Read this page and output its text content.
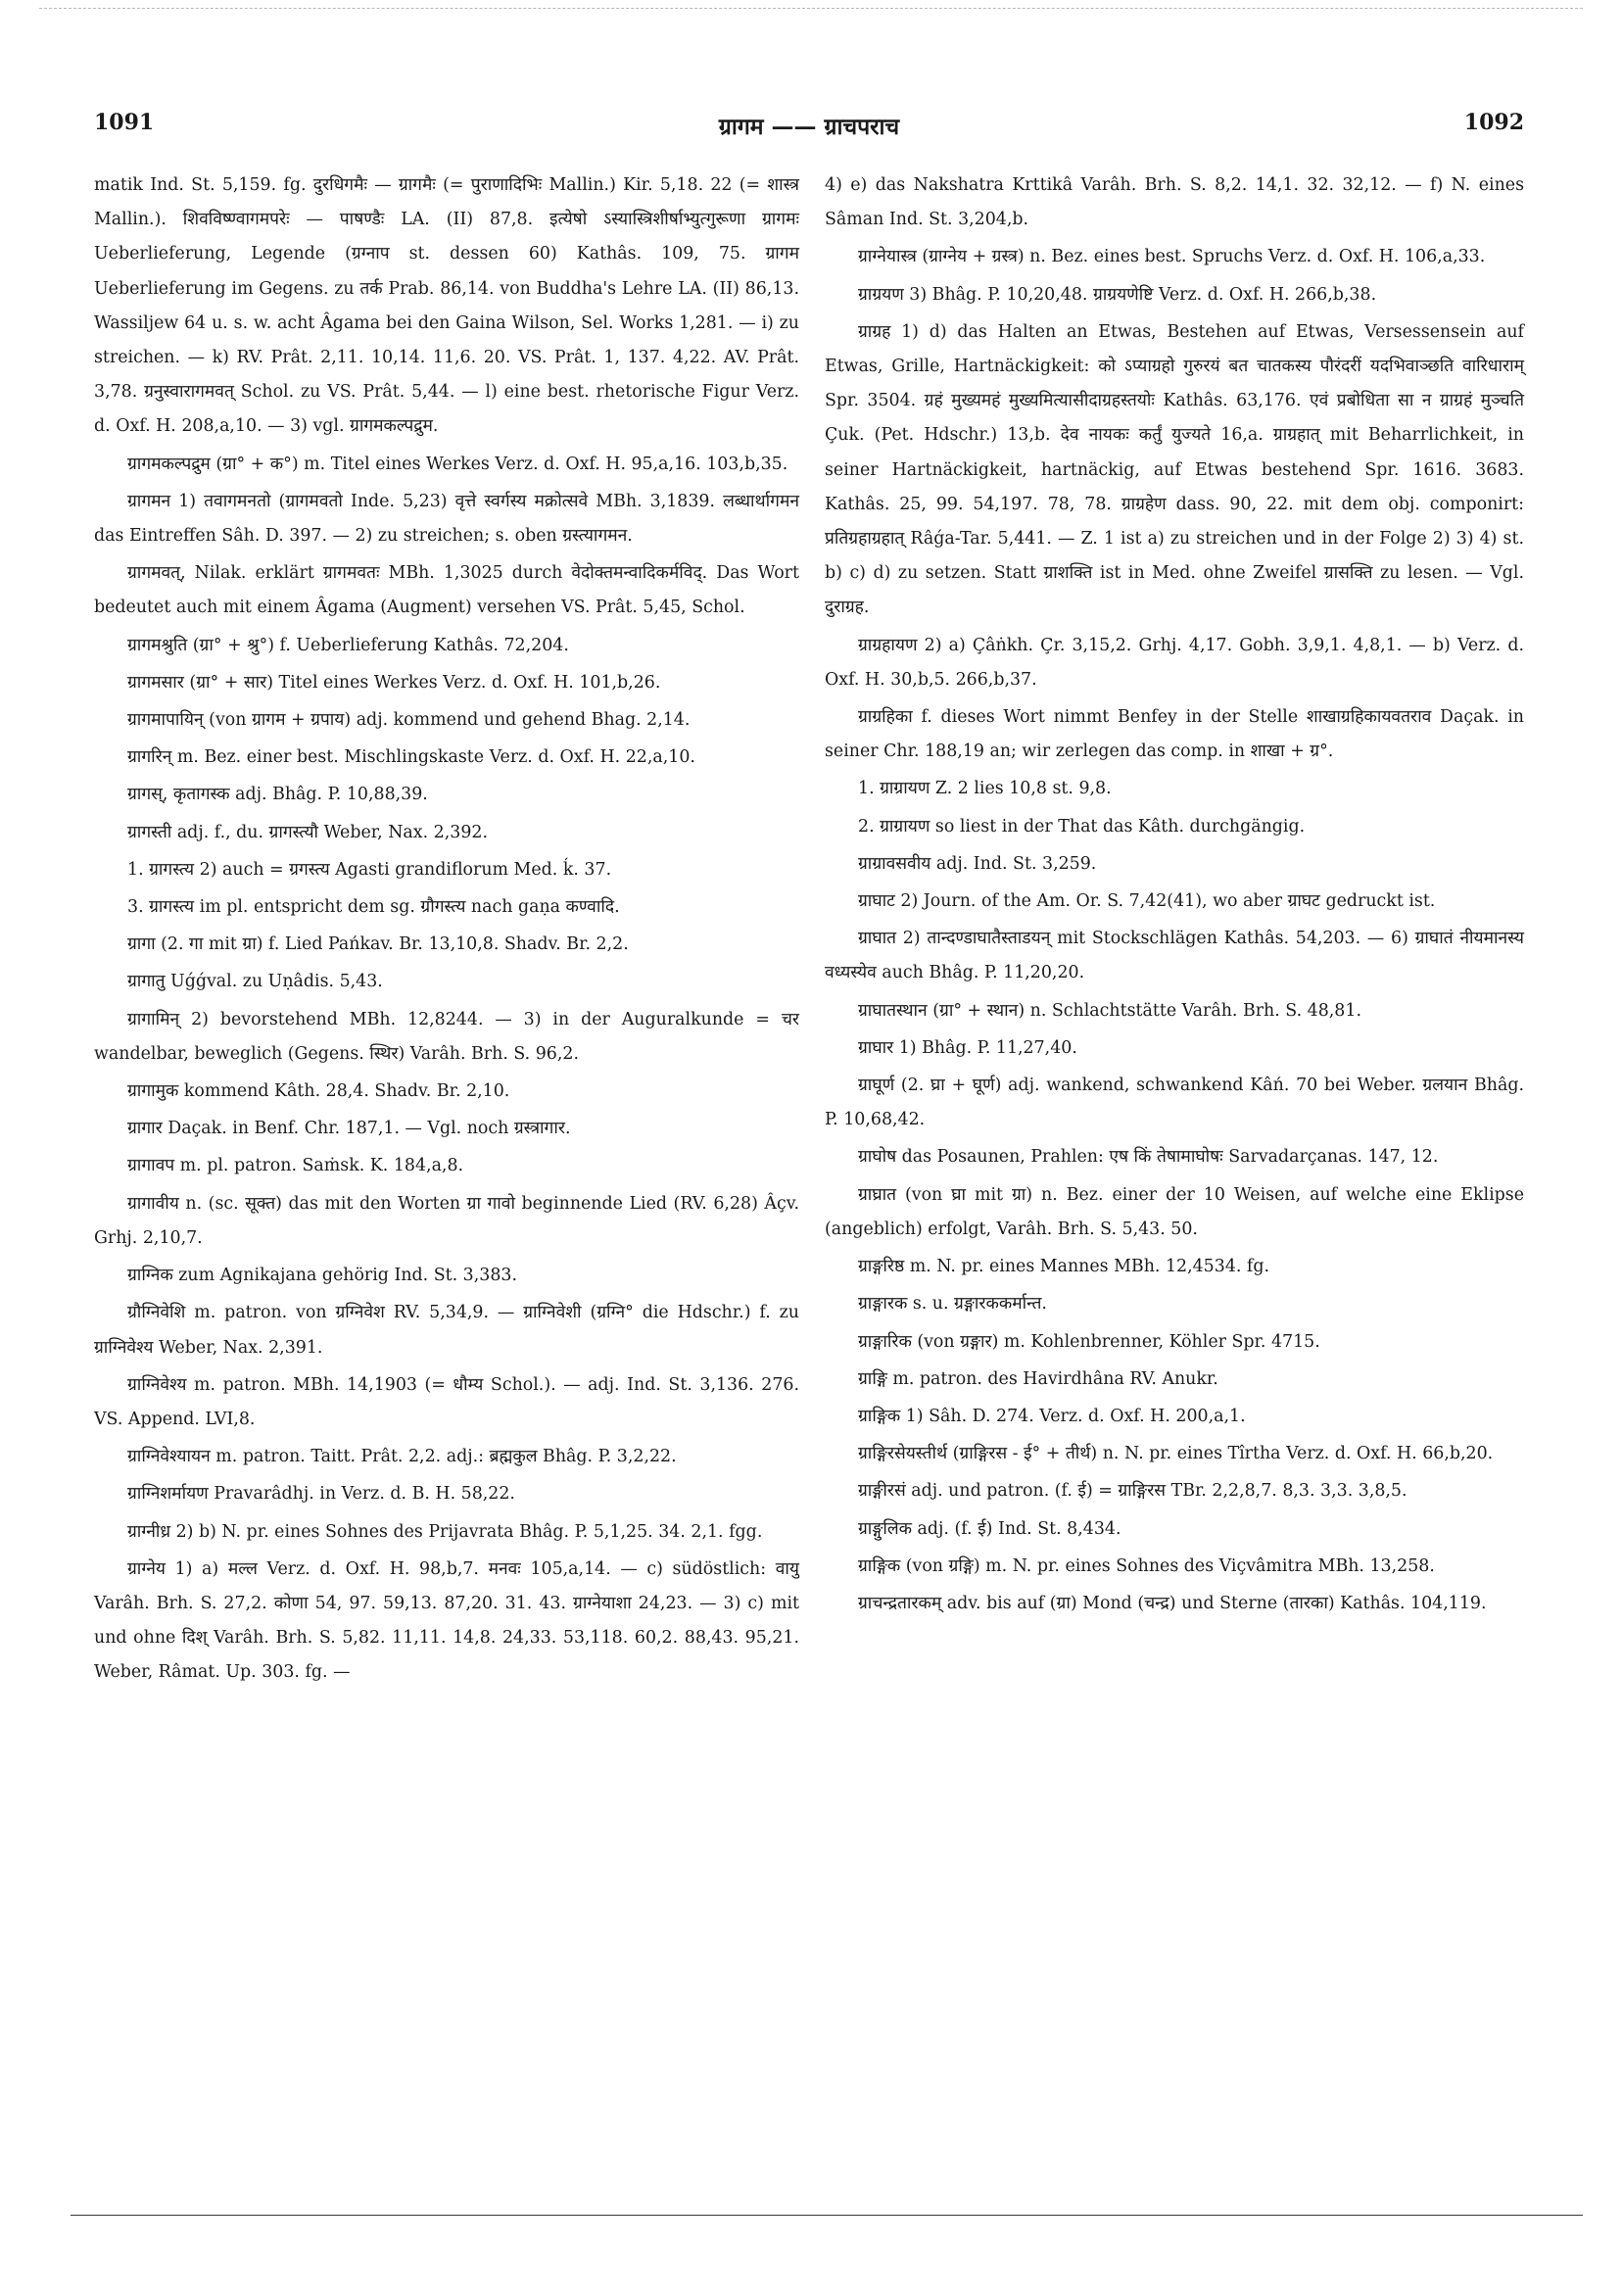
1091	ग्रागम —— ग्राचपराच	1092

matik Ind. St. 5,159. fg. दुरधिगमैः — ग्रागमैः (= पुराणादिभिः Mallin.) Kir. 5,18. 22 (= शास्त्र Mallin.). शिवविष्ण्वागमपरेः — पाषण्डैः LA. (II) 87,8. इत्येषो ऽस्यास्त्रिशीर्षाभ्युत्गुरूणा ग्रागमः Ueberlieferung, Legende (ग्रग्नाप st. dessen 60) Kathâs. 109, 75. ग्रागम Ueberlieferung im Gegens. zu तर्क Prab. 86,14. von Buddha's Lehre LA. (II) 86,13. Wassiljew 64 u. s. w. acht Âgama bei den Gaina Wilson, Sel. Works 1,281. — i) zu streichen. — k) RV. Prât. 2,11. 10,14. 11,6. 20. VS. Prât. 1, 137. 4,22. AV. Prât. 3,78. ग्रनुस्वारागमवत् Schol. zu VS. Prât. 5,44. — l) eine best. rhetorische Figur Verz. d. Oxf. H. 208,a,10. — 3) vgl. ग्रागमकल्पद्रुम.

ग्रागमकल्पद्रुम (ग्रा° + क°) m. Titel eines Werkes Verz. d. Oxf. H. 95,a,16. 103,b,35.

ग्रागमन 1) तवागमनतो (ग्रागमवतो Inde. 5,23) वृत्ते स्वर्गस्य मक्रोत्सवे MBh. 3,1839. लब्धार्थागमन das Eintreffen Sâh. D. 397. — 2) zu streichen; s. oben ग्रस्त्यागमन.

ग्रागमवत्, Nilak. erklärt ग्रागमवतः MBh. 1,3025 durch वेदोक्तमन्वादिकर्मविद्. Das Wort bedeutet auch mit einem Âgama (Augment) versehen VS. Prât. 5,45, Schol.

ग्रागमश्रुति (ग्रा° + श्रु°) f. Ueberlieferung Kathâs. 72,204.

ग्रागमसार (ग्रा° + सार) Titel eines Werkes Verz. d. Oxf. H. 101,b,26.

ग्रागमापायिन् (von ग्रागम + ग्रपाय) adj. kommend und gehend Bhag. 2,14.

ग्रागरिन् m. Bez. einer best. Mischlingskaste Verz. d. Oxf. H. 22,a,10.

ग्रागस्, कृतागस्क adj. Bhâg. P. 10,88,39.

ग्रागस्ती adj. f., du. ग्रागस्त्यौ Weber, Nax. 2,392.

1. ग्रागस्त्य 2) auch = ग्रगस्त्य Agasti grandiflorum Med. ḱ. 37.

3. ग्रागस्त्य im pl. entspricht dem sg. ग्रौगस्त्य nach gaṇa कण्वादि.

ग्रागा (2. गा mit ग्रा) f. Lied Pańkav. Br. 13,10,8. Shadv. Br. 2,2.

ग्रागातु Uǵǵval. zu Uṇâdis. 5,43.

ग्रागामिन् 2) bevorstehend MBh. 12,8244. — 3) in der Auguralkunde = चर wandelbar, beweglich (Gegens. स्थिर) Varâh. Brh. S. 96,2.

ग्रागामुक kommend Kâth. 28,4. Shadv. Br. 2,10.

ग्रागार Daçak. in Benf. Chr. 187,1. — Vgl. noch ग्रस्त्रागार.

ग्रागावप m. pl. patron. Saṁsk. K. 184,a,8.

ग्रागावीय n. (sc. सूक्त) das mit den Worten ग्रा गावो beginnende Lied (RV. 6,28) Âçv. Grhj. 2,10,7.

ग्राग्निक zum Agnikajana gehörig Ind. St. 3,383.

ग्रौग्निवेशि m. patron. von ग्रग्निवेश RV. 5,34,9. — ग्राग्निवेशी (ग्रग्नि° die Hdschr.) f. zu ग्राग्निवेश्य Weber, Nax. 2,391.

ग्राग्निवेश्य m. patron. MBh. 14,1903 (= धौम्य Schol.). — adj. Ind. St. 3,136. 276. VS. Append. LVI,8.

ग्राग्निवेश्यायन m. patron. Taitt. Prât. 2,2. adj.: ब्रह्मकुल Bhâg. P. 3,2,22.

ग्राग्निशर्मायण Pravarâdhj. in Verz. d. B. H. 58,22.

ग्राग्नीध्र 2) b) N. pr. eines Sohnes des Prijavrata Bhâg. P. 5,1,25. 34. 2,1. fgg.

ग्राग्नेय 1) a) मल्ल Verz. d. Oxf. H. 98,b,7. मनवः 105,a,14. — c) südöstlich: वायु Varâh. Brh. S. 27,2. कोणा 54, 97. 59,13. 87,20. 31. 43. ग्राग्नेयाशा 24,23. — 3) c) mit und ohne दिश् Varâh. Brh. S. 5,82. 11,11. 14,8. 24,33. 53,118. 60,2. 88,43. 95,21. Weber, Râmat. Up. 303. fg. —

4) e) das Nakshatra Krttikâ Varâh. Brh. S. 8,2. 14,1. 32. 32,12. — f) N. eines Sâman Ind. St. 3,204,b.

ग्राग्नेयास्त्र (ग्राग्नेय + ग्रस्त्र) n. Bez. eines best. Spruchs Verz. d. Oxf. H. 106,a,33.

ग्राग्रयण 3) Bhâg. P. 10,20,48. ग्राग्रयणेष्टि Verz. d. Oxf. H. 266,b,38.

ग्राग्रह 1) d) das Halten an Etwas, Bestehen auf Etwas, Versessensein auf Etwas, Grille, Hartnäckigkeit: को ऽप्याग्रहो गुरुरयं बत चातकस्य पौरंदरीं यदभिवाञ्छति वारिधाराम् Spr. 3504. ग्रहं मुख्यमहं मुख्यमित्यासीदाग्रहस्तयोः Kathâs. 63,176. एवं प्रबोधिता सा न ग्राग्रहं मुञ्चति Çuk. (Pet. Hdschr.) 13,b. देव नायकः कर्तुं युज्यते 16,a. ग्राग्रहात् mit Beharrlichkeit, in seiner Hartnäckigkeit, hartnäckig, auf Etwas bestehend Spr. 1616. 3683. Kathâs. 25, 99. 54,197. 78, 78. ग्राग्रहेण dass. 90, 22. mit dem obj. componirt: प्रतिग्रहाग्रहात् Râǵa-Tar. 5,441. — Z. 1 ist a) zu streichen und in der Folge 2) 3) 4) st. b) c) d) zu setzen. Statt ग्राशक्ति ist in Med. ohne Zweifel ग्रासक्ति zu lesen. — Vgl. दुराग्रह.

ग्राग्रहायण 2) a) Çâṅkh. Çr. 3,15,2. Grhj. 4,17. Gobh. 3,9,1. 4,8,1. — b) Verz. d. Oxf. H. 30,b,5. 266,b,37.

ग्राग्रहिका f. dieses Wort nimmt Benfey in der Stelle शाखाग्रहिकायवतराव Daçak. in seiner Chr. 188,19 an; wir zerlegen das comp. in शाखा + ग्र°.

1. ग्राग्रायण Z. 2 lies 10,8 st. 9,8.

2. ग्राग्रायण so liest in der That das Kâth. durchgängig.

ग्राग्रावसवीय adj. Ind. St. 3,259.

ग्राघाट 2) Journ. of the Am. Or. S. 7,42(41), wo aber ग्राघट gedruckt ist.

ग्राघात 2) तान्दण्डाघातैस्ताडयन् mit Stockschlägen Kathâs. 54,203. — 6) ग्राघातं नीयमानस्य वध्यस्येव auch Bhâg. P. 11,20,20.

ग्राघातस्थान (ग्रा° + स्थान) n. Schlachtstätte Varâh. Brh. S. 48,81.

ग्राघार 1) Bhâg. P. 11,27,40.

ग्राघूर्ण (2. घ्रा + घूर्ण) adj. wankend, schwankend Kâń. 70 bei Weber. ग्रलयान Bhâg. P. 10,68,42.

ग्राघोष das Posaunen, Prahlen: एष किं तेषामाघोषः Sarvadarçanas. 147, 12.

ग्राघ्रात (von घ्रा mit ग्रा) n. Bez. einer der 10 Weisen, auf welche eine Eklipse (angeblich) erfolgt, Varâh. Brh. S. 5,43. 50.

ग्राङ्गरिष्ठ m. N. pr. eines Mannes MBh. 12,4534. fg.

ग्राङ्गारक s. u. ग्रङ्गारककर्मान्त.

ग्राङ्गारिक (von ग्रङ्गार) m. Kohlenbrenner, Köhler Spr. 4715.

ग्राङ्गि m. patron. des Havirdhâna RV. Anukr.

ग्राङ्गिक 1) Sâh. D. 274. Verz. d. Oxf. H. 200,a,1.

ग्राङ्गिरसेयस्तीर्थ (ग्राङ्गिरस - ई° + तीर्थ) n. N. pr. eines Tîrtha Verz. d. Oxf. H. 66,b,20.

ग्राङ्गीरसं adj. und patron. (f. ई) = ग्राङ्गिरस TBr. 2,2,8,7. 8,3. 3,3. 3,8,5.

ग्राङ्गुलिक adj. (f. ई) Ind. St. 8,434.

ग्राङ्गिक (von ग्रङ्गि) m. N. pr. eines Sohnes des Viçvâmitra MBh. 13,258.

ग्राचन्द्रतारकम् adv. bis auf (ग्रा) Mond (चन्द्र) und Sterne (तारका) Kathâs. 104,119.
